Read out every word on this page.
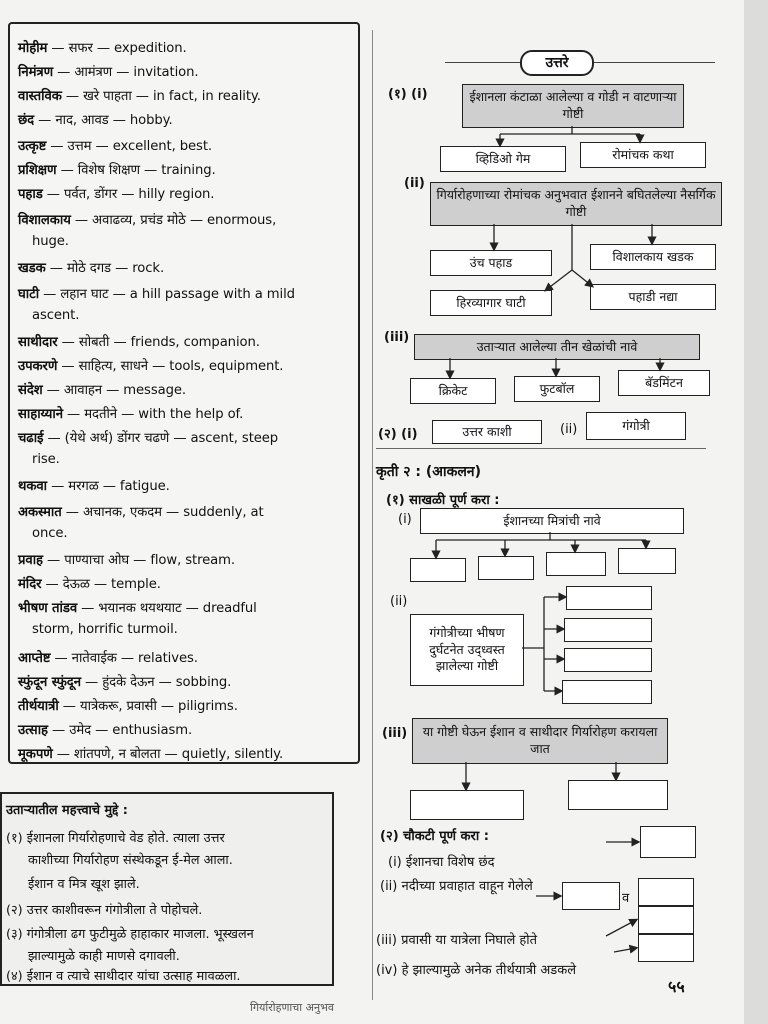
मोहीम — सफर — expedition.
निमंत्रण — आमंत्रण — invitation.
वास्तविक — खरे पाहता — in fact, in reality.
छंद — नाद, आवड — hobby.
उत्कृष्ट — उत्तम — excellent, best.
प्रशिक्षण — विशेष शिक्षण — training.
पहाड — पर्वत, डोंगर — hilly region.
विशालकाय — अवाढव्य, प्रचंड मोठे — enormous,
huge.
खडक — मोठे दगड — rock.
घाटी — लहान घाट — a hill passage with a mild
ascent.
साथीदार — सोबती — friends, companion.
उपकरणे — साहित्य, साधने — tools, equipment.
संदेश — आवाहन — message.
साहाय्याने — मदतीने — with the help of.
चढाई — (येथे अर्थ) डोंगर चढणे — ascent, steep
rise.
थकवा — मरगळ — fatigue.
अकस्मात — अचानक, एकदम — suddenly, at
once.
प्रवाह — पाण्याचा ओघ — flow, stream.
मंदिर — देऊळ — temple.
भीषण तांडव — भयानक थयथयाट — dreadful
storm, horrific turmoil.
आप्तेष्ट — नातेवाईक — relatives.
स्फुंदून स्फुंदून — हुंदके देऊन — sobbing.
तीर्थयात्री — यात्रेकरू, प्रवासी — piligrims.
उत्साह — उमेद — enthusiasm.
मूकपणे — शांतपणे, न बोलता — quietly, silently.
उताऱ्यातील महत्त्वाचे मुद्दे :
(१) ईशानला गिर्यारोहणाचे वेड होते. त्याला उत्तर
काशीच्या गिर्यारोहण संस्थेकडून ई-मेल आला.
ईशान व मित्र खूश झाले.
(२) उत्तर काशीवरून गंगोत्रीला ते पोहोचले.
(३) गंगोत्रीला ढग फुटीमुळे हाहाकार माजला. भूस्खलन
झाल्यामुळे काही माणसे दगावली.
(४) ईशान व त्याचे साथीदार यांचा उत्साह मावळला.
उत्तरे
(१) (i)	ईशानला कंटाळा आलेल्या व गोडी न वाटणाऱ्या गोष्टी
व्हिडिओ गेम	रोमांचक कथा
(ii)
गिर्यारोहणाच्या रोमांचक अनुभवात ईशानने बघितलेल्या नैसर्गिक गोष्टी
उंच पहाड	विशालकाय खडक
हिरव्यागार घाटी	पहाडी नद्या
(iii)
उताऱ्यात आलेल्या तीन खेळांची नावे
क्रिकेट	फुटबॉल	बॅडमिंटन
(२) (i)	उत्तर काशी	(ii)	गंगोत्री
कृती २ : (आकलन)
(१) साखळी पूर्ण करा :
(i)	ईशानच्या मित्रांची नावे
(ii)
गंगोत्रीच्या भीषण दुर्घटनेत उद्ध्वस्त झालेल्या गोष्टी
(iii)	या गोष्टी घेऊन ईशान व साथीदार गिर्यारोहण करायला जात
(२) चौकटी पूर्ण करा :
(i) ईशानचा विशेष छंद
(ii) नदीच्या प्रवाहात वाहून गेलेले
व
(iii) प्रवासी या यात्रेला निघाले होते
(iv) हे झाल्यामुळे अनेक तीर्थयात्री अडकले
५५
गिर्यारोहणाचा अनुभव
